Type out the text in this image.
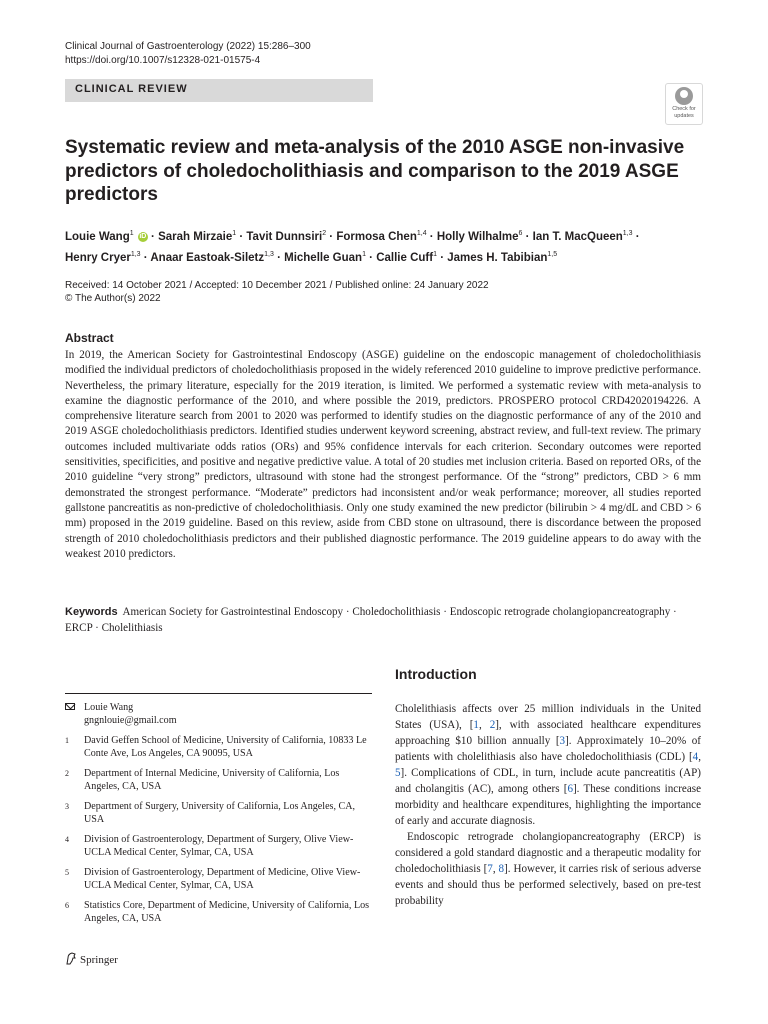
Clinical Journal of Gastroenterology (2022) 15:286–300
https://doi.org/10.1007/s12328-021-01575-4
CLINICAL REVIEW
Check for
updates
Systematic review and meta-analysis of the 2010 ASGE non-invasive
predictors of choledocholithiasis and comparison to the 2019 ASGE
predictors
Louie Wang$^1$ iD · Sarah Mirzaie$^1$ · Tavit Dunnsiri$^2$ · Formosa Chen$^{1,4}$ · Holly Wilhalme$^6$ · Ian T. MacQueen$^{1,3}$ ·
Henry Cryer$^{1,3}$ · Anaar Eastoak-Siletz$^{1,3}$ · Michelle Guan$^1$ · Callie Cuff$^1$ · James H. Tabibian$^{1,5}$
Received: 14 October 2021 / Accepted: 10 December 2021 / Published online: 24 January 2022
© The Author(s) 2022
Abstract
In 2019, the American Society for Gastrointestinal Endoscopy (ASGE) guideline on the endoscopic management of choledocholithiasis modified the individual predictors of choledocholithiasis proposed in the widely referenced 2010 guideline to improve predictive performance. Nevertheless, the primary literature, especially for the 2019 iteration, is limited. We performed a systematic review with meta-analysis to examine the diagnostic performance of the 2010, and where possible the 2019, predictors. PROSPERO protocol CRD42020194226. A comprehensive literature search from 2001 to 2020 was performed to identify studies on the diagnostic performance of any of the 2010 and 2019 ASGE choledocholithiasis predictors. Identified studies underwent keyword screening, abstract review, and full-text review. The primary outcomes included multivariate odds ratios (ORs) and 95% confidence intervals for each criterion. Secondary outcomes were reported sensitivities, specificities, and positive and negative predictive value. A total of 20 studies met inclusion criteria. Based on reported ORs, of the 2010 guideline “very strong” predictors, ultrasound with stone had the strongest performance. Of the “strong” predictors, CBD > 6 mm demonstrated the strongest performance. “Moderate” predictors had inconsistent and/or weak performance; moreover, all studies reported gallstone pancreatitis as non-predictive of choledocholithiasis. Only one study examined the new predictor (bilirubin > 4 mg/dL and CBD > 6 mm) proposed in the 2019 guideline. Based on this review, aside from CBD stone on ultrasound, there is discordance between the proposed strength of 2010 choledocholithiasis predictors and their published diagnostic performance. The 2019 guideline appears to do away with the weakest 2010 predictors.
Keywords American Society for Gastrointestinal Endoscopy · Choledocholithiasis · Endoscopic retrograde cholangiopancreatography · ERCP · Cholelithiasis
Louie Wang
gngnlouie@gmail.com
1 David Geffen School of Medicine, University of California, 10833 Le Conte Ave, Los Angeles, CA 90095, USA
2 Department of Internal Medicine, University of California, Los Angeles, CA, USA
3 Department of Surgery, University of California, Los Angeles, CA, USA
4 Division of Gastroenterology, Department of Surgery, Olive View-UCLA Medical Center, Sylmar, CA, USA
5 Division of Gastroenterology, Department of Medicine, Olive View-UCLA Medical Center, Sylmar, CA, USA
6 Statistics Core, Department of Medicine, University of California, Los Angeles, CA, USA
Introduction

Cholelithiasis affects over 25 million individuals in the United States (USA), [1, 2], with associated healthcare expenditures approaching $10 billion annually [3]. Approximately 10–20% of patients with cholelithiasis also have choledocholithiasis (CDL) [4, 5]. Complications of CDL, in turn, include acute pancreatitis (AP) and cholangitis (AC), among others [6]. These conditions increase morbidity and healthcare expenditures, highlighting the importance of early and accurate diagnosis.

Endoscopic retrograde cholangiopancreatography (ERCP) is considered a gold standard diagnostic and a therapeutic modality for choledocholithiasis [7, 8]. However, it carries risk of serious adverse events and should thus be performed selectively, based on pre-test probability

Springer
